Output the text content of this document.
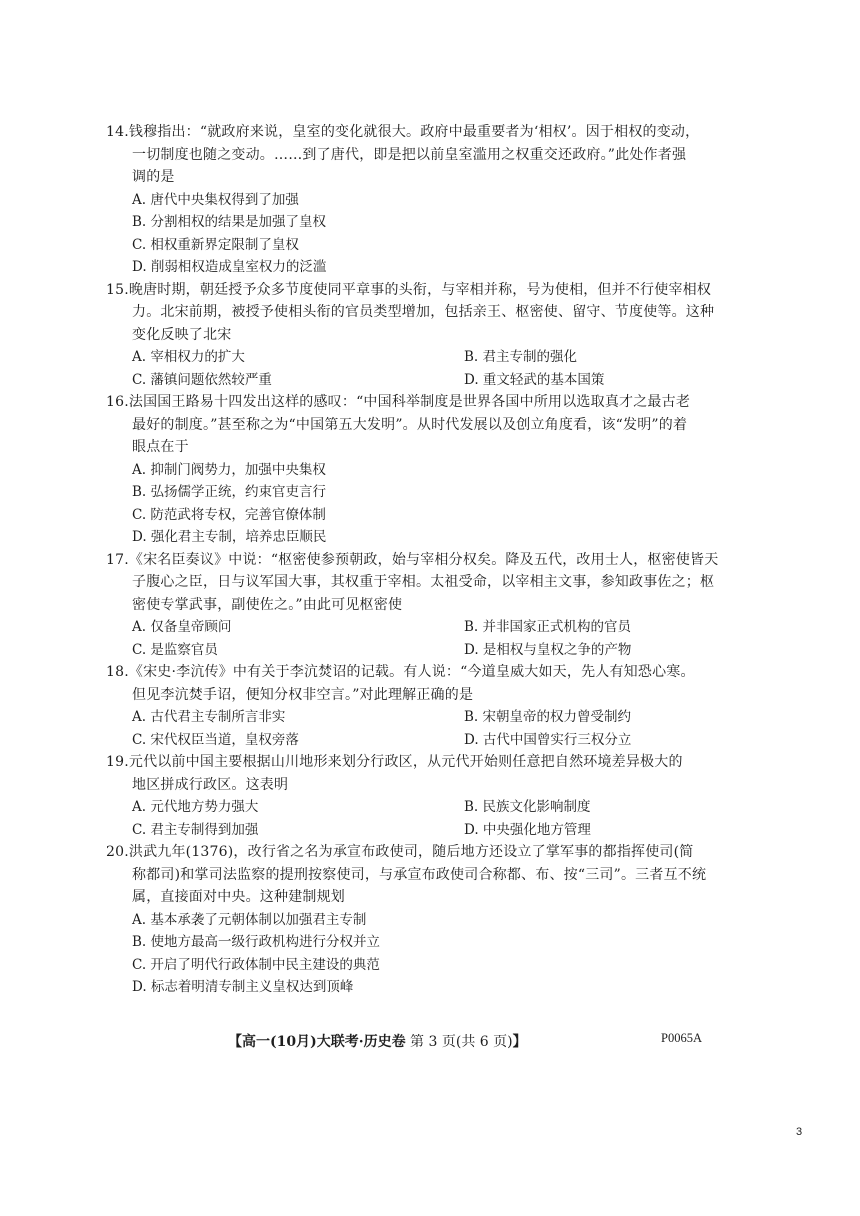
14.钱穆指出：“就政府来说，皇室的变化就很大。政府中最重要者为‘相权’。因于相权的变动，
一切制度也随之变动。……到了唐代，即是把以前皇室滥用之权重交还政府。”此处作者强
调的是
A. 唐代中央集权得到了加强
B. 分割相权的结果是加强了皇权
C. 相权重新界定限制了皇权
D. 削弱相权造成皇室权力的泛滥
15.晚唐时期，朝廷授予众多节度使同平章事的头衔，与宰相并称，号为使相，但并不行使宰相权
力。北宋前期，被授予使相头衔的官员类型增加，包括亲王、枢密使、留守、节度使等。这种
变化反映了北宋
A. 宰相权力的扩大	B. 君主专制的强化
C. 藩镇问题依然较严重	D. 重文轻武的基本国策
16.法国国王路易十四发出这样的感叹：“中国科举制度是世界各国中所用以选取真才之最古老
最好的制度。”甚至称之为“中国第五大发明”。从时代发展以及创立角度看，该“发明”的着
眼点在于
A. 抑制门阀势力，加强中央集权
B. 弘扬儒学正统，约束官吏言行
C. 防范武将专权，完善官僚体制
D. 强化君主专制，培养忠臣顺民
17.《宋名臣奏议》中说：“枢密使参预朝政，始与宰相分权矣。降及五代，改用士人，枢密使皆天
子腹心之臣，日与议军国大事，其权重于宰相。太祖受命，以宰相主文事，参知政事佐之；枢
密使专掌武事，副使佐之。”由此可见枢密使
A. 仅备皇帝顾问	B. 并非国家正式机构的官员
C. 是监察官员	D. 是相权与皇权之争的产物
18.《宋史·李沆传》中有关于李沆焚诏的记载。有人说：“今道皇威大如天，先人有知恐心寒。
但见李沆焚手诏，便知分权非空言。”对此理解正确的是
A. 古代君主专制所言非实	B. 宋朝皇帝的权力曾受制约
C. 宋代权臣当道，皇权旁落	D. 古代中国曾实行三权分立
19.元代以前中国主要根据山川地形来划分行政区，从元代开始则任意把自然环境差异极大的
地区拼成行政区。这表明
A. 元代地方势力强大	B. 民族文化影响制度
C. 君主专制得到加强	D. 中央强化地方管理
20.洪武九年(1376)，改行省之名为承宣布政使司，随后地方还设立了掌军事的都指挥使司(简
称都司)和掌司法监察的提刑按察使司，与承宣布政使司合称都、布、按“三司”。三者互不统
属，直接面对中央。这种建制规划
A. 基本承袭了元朝体制以加强君主专制
B. 使地方最高一级行政机构进行分权并立
C. 开启了明代行政体制中民主建设的典范
D. 标志着明清专制主义皇权达到顶峰
【高一(10月)大联考·历史卷 第 3 页(共 6 页)】	P0065A
3
